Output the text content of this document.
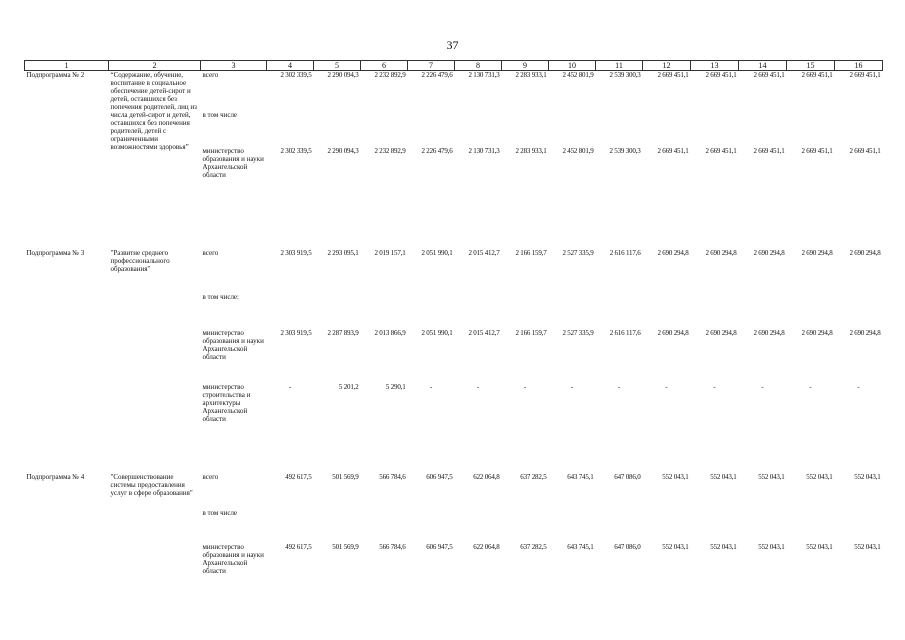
37
1	2	3	4	5	6	7	8	9	10	11	12	13	14	15	16
Подпрограмма № 2	“Содержание, обучение, воспитание в социальное обеспечение детей-сирот и детей, оставшихся без попечения родителей, лиц из числа детей-сирот и детей, оставшихся без попечения родителей, детей с ограниченными возможностями здоровья”	всего	2 302 339,5	2 290 094,3	2 232 892,9	2 226 479,6	2 130 731,3	2 283 933,1	2 452 801,9	2 539 300,3	2 669 451,1	2 669 451,1	2 669 451,1	2 669 451,1	2 669 451,1
		в том числе													
		министерство образования и науки Архангельской области	2 302 339,5	2 290 094,3	2 232 892,9	2 226 479,6	2 130 731,3	2 283 933,1	2 452 801,9	2 539 300,3	2 669 451,1	2 669 451,1	2 669 451,1	2 669 451,1	2 669 451,1

Подпрограмма № 3	"Развитие среднего профессионального образования"	всего	2 303 919,5	2 293 095,1	2 019 157,1	2 051 990,1	2 015 412,7	2 166 159,7	2 527 335,9	2 616 117,6	2 690 294,8	2 690 294,8	2 690 294,8	2 690 294,8	2 690 294,8
		в том числе:													
		министерство образования и науки Архангельской области	2 303 919,5	2 287 893,9	2 013 866,9	2 051 990,1	2 015 412,7	2 166 159,7	2 527 335,9	2 616 117,6	2 690 294,8	2 690 294,8	2 690 294,8	2 690 294,8	2 690 294,8
		министерство строительства и архитектуры Архангельской области	-	5 201,2	5 290,1	-	-	-	-	-	-	-	-	-	-

Подпрограмма № 4	"Совершенствование системы предоставления услуг в сфере образования"	всего	492 617,5	501 569,9	566 784,6	606 947,5	622 064,8	637 282,5	643 745,1	647 086,0	552 043,1	552 043,1	552 043,1	552 043,1	552 043,1
		в том числе													
		министерство образования и науки Архангельской области	492 617,5	501 569,9	566 784,6	606 947,5	622 064,8	637 282,5	643 745,1	647 086,0	552 043,1	552 043,1	552 043,1	552 043,1	552 043,1
